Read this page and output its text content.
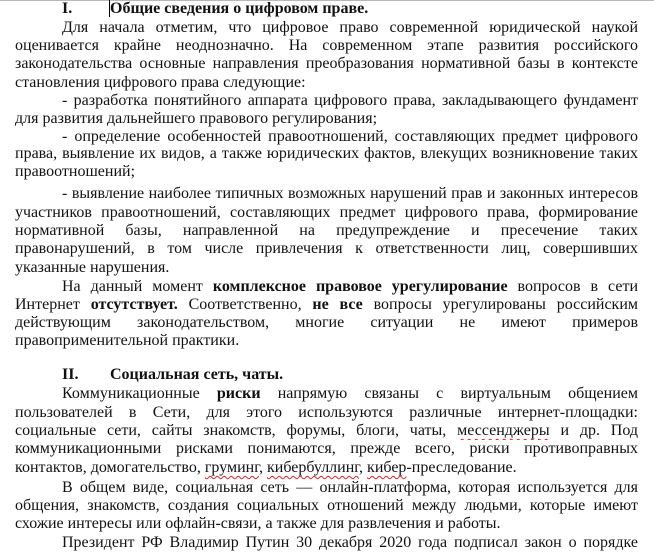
I. Общие сведения о цифровом праве.
II. Социальная сеть, чаты.
Для начала отметим, что цифровое право современной юридической наукой
оценивается крайне неоднозначно. На современном этапе развития российского
законодательства основные направления преобразования нормативной базы в контексте
становления цифрового права следующие:
- разработка понятийного аппарата цифрового права, закладывающего фундамент
для развития дальнейшего правового регулирования;
- определение особенностей правоотношений, составляющих предмет цифрового
права, выявление их видов, а также юридических фактов, влекущих возникновение таких
правоотношений;
- выявление наиболее типичных возможных нарушений прав и законных интересов
участников правоотношений, составляющих предмет цифрового права, формирование
нормативной базы, направленной на предупреждение и пресечение таких
правонарушений, в том числе привлечения к ответственности лиц, совершивших
указанные нарушения.
На данный момент комплексное правовое урегулирование вопросов в сети
Интернет отсутствует. Соответственно, не все вопросы урегулированы российским
действующим законодательством, многие ситуации не имеют примеров
правоприменительной практики.
Коммуникационные риски напрямую связаны с виртуальным общением
пользователей в Сети, для этого используются различные интернет-площадки:
социальные сети, сайты знакомств, форумы, блоги, чаты, мессенджеры и др. Под
коммуникационными рисками понимаются, прежде всего, риски противоправных
контактов, домогательство, груминг, кибербуллинг, кибер-преследование.
В общем виде, социальная сеть — онлайн-платформа, которая используется для
общения, знакомств, создания социальных отношений между людьми, которые имеют
схожие интересы или офлайн-связи, а также для развлечения и работы.
Президент РФ Владимир Путин 30 декабря 2020 года подписал закон о порядке
